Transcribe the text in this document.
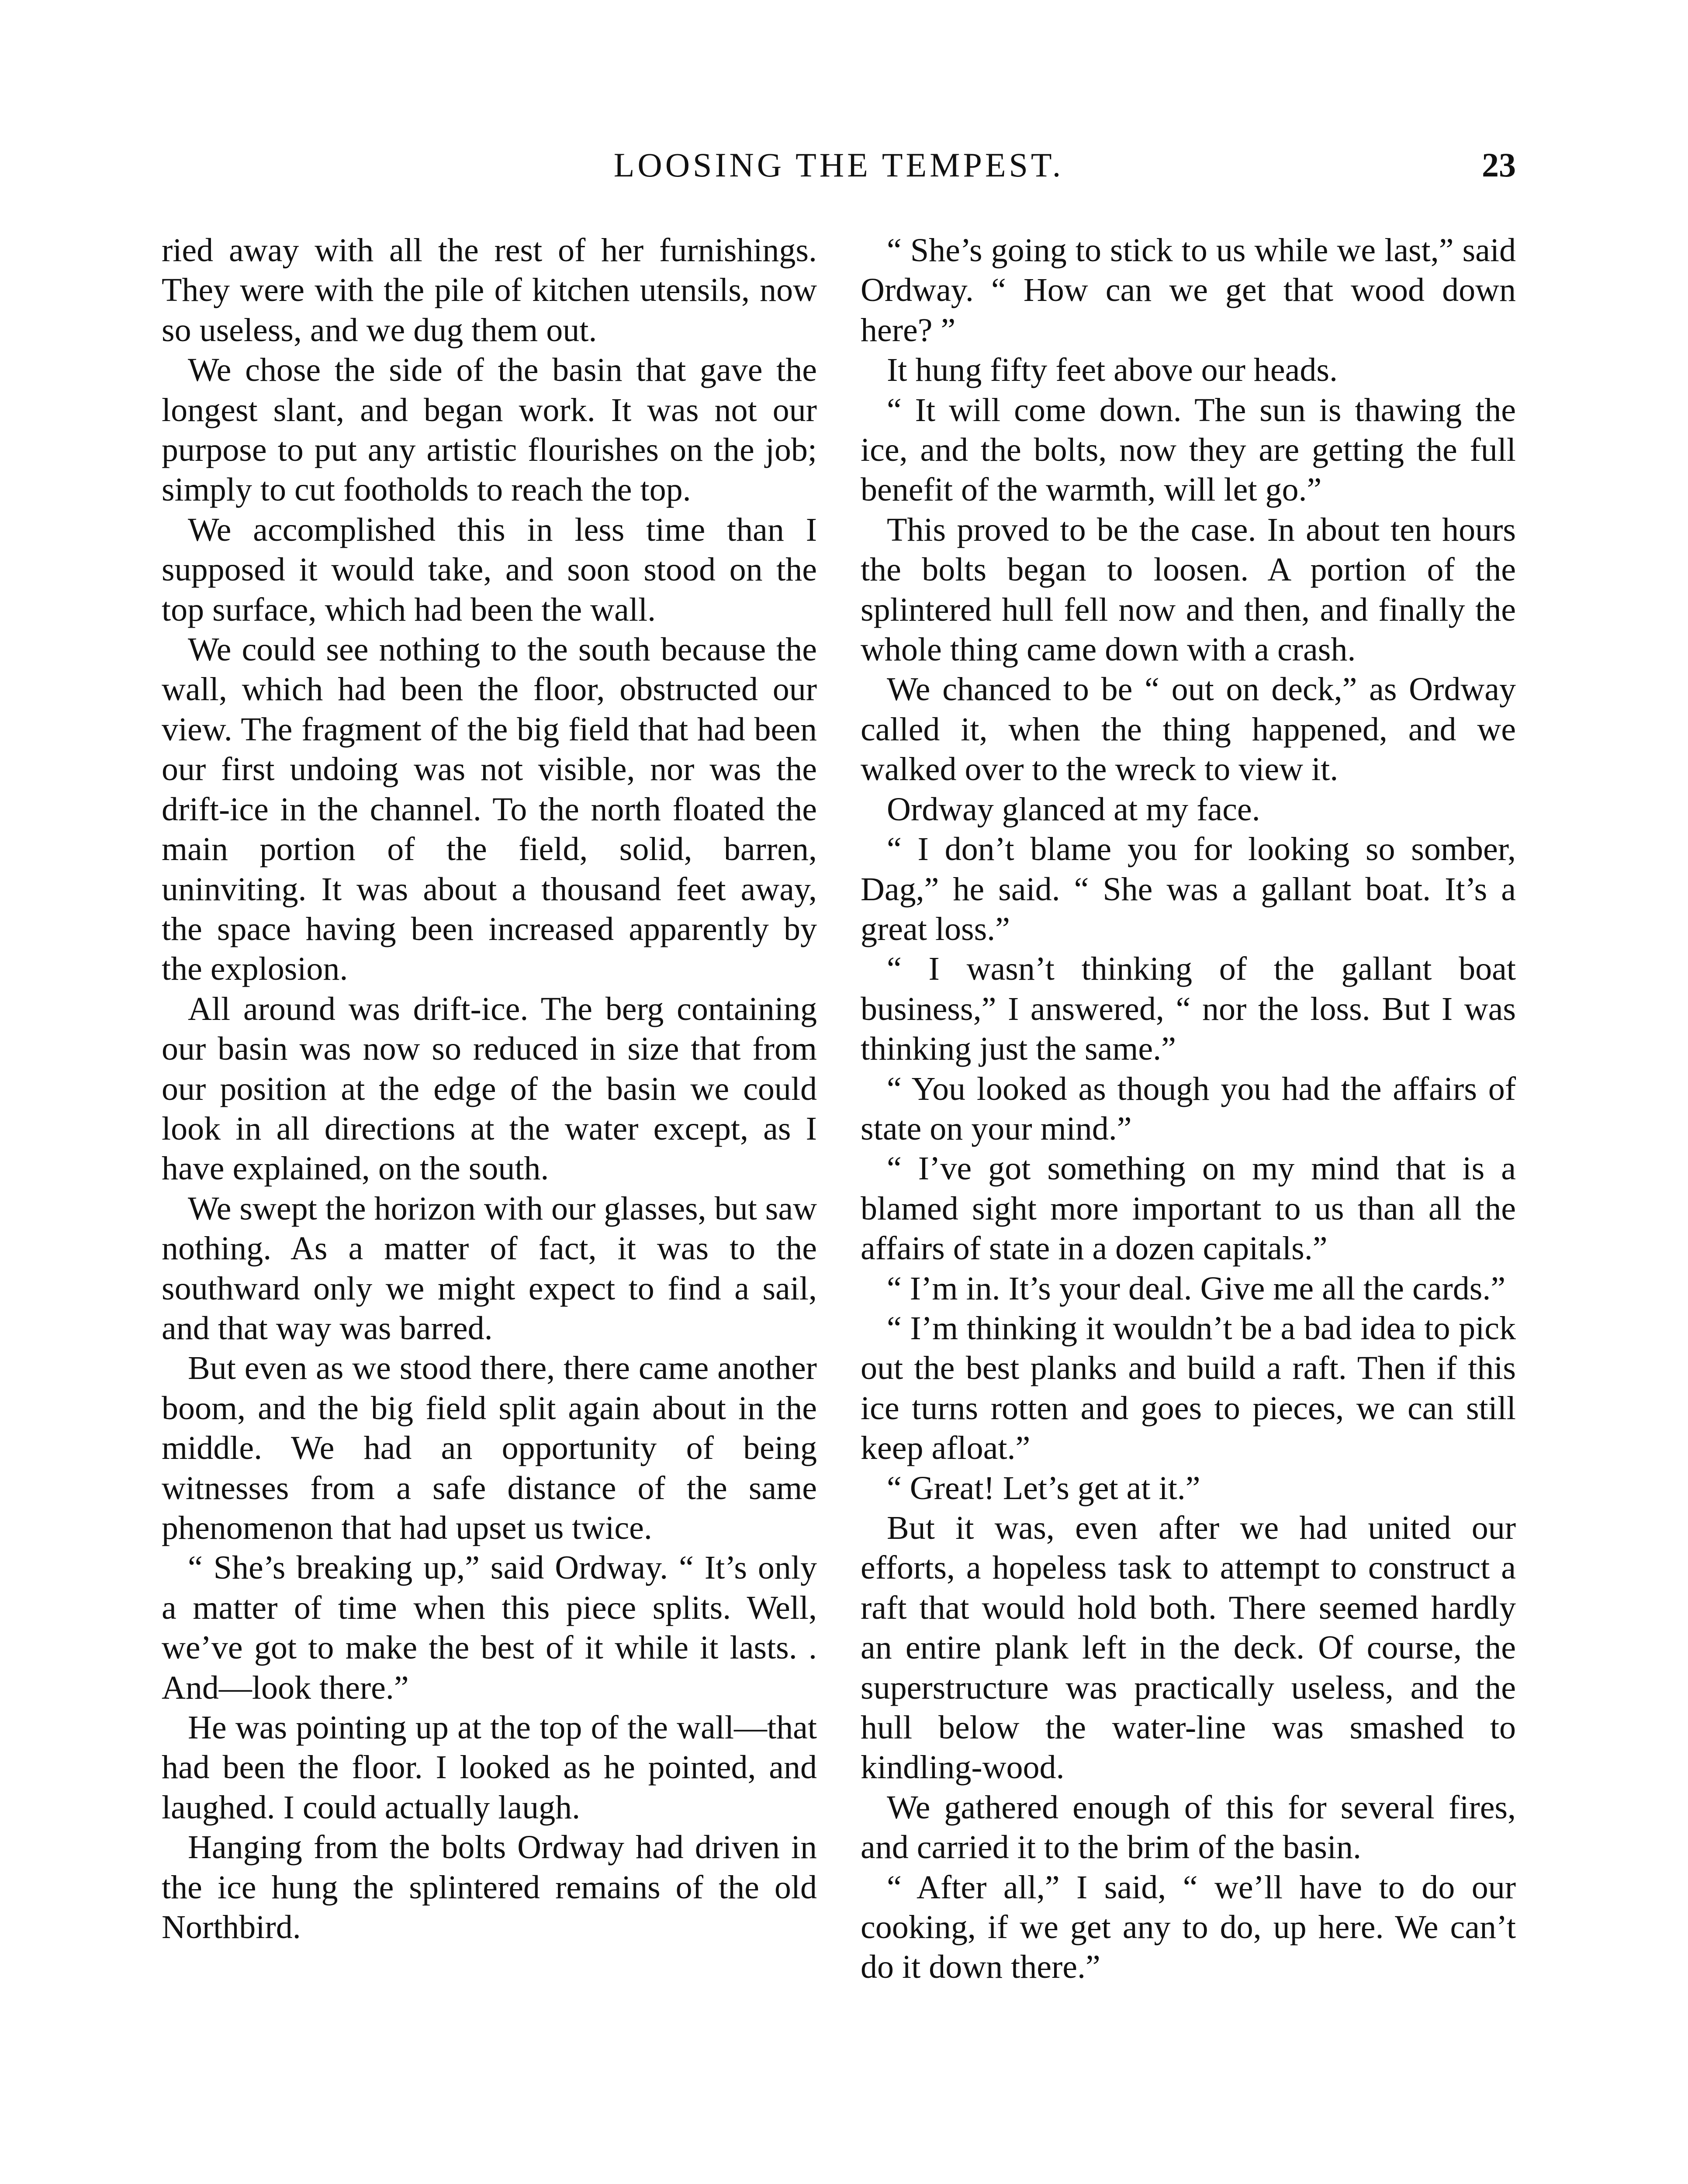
LOOSING THE TEMPEST.	23

ried away with all the rest of her furnishings. They were with the pile of kitchen utensils, now so useless, and we dug them out.

We chose the side of the basin that gave the longest slant, and began work. It was not our purpose to put any artistic flourishes on the job; simply to cut footholds to reach the top.

We accomplished this in less time than I supposed it would take, and soon stood on the top surface, which had been the wall.

We could see nothing to the south because the wall, which had been the floor, obstructed our view. The fragment of the big field that had been our first undoing was not visible, nor was the drift-ice in the channel. To the north floated the main portion of the field, solid, barren, uninviting. It was about a thousand feet away, the space having been increased apparently by the explosion.

All around was drift-ice. The berg containing our basin was now so reduced in size that from our position at the edge of the basin we could look in all directions at the water except, as I have explained, on the south.

We swept the horizon with our glasses, but saw nothing. As a matter of fact, it was to the southward only we might expect to find a sail, and that way was barred.

But even as we stood there, there came another boom, and the big field split again about in the middle. We had an opportunity of being witnesses from a safe distance of the same phenomenon that had upset us twice.

“ She’s breaking up,” said Ordway. “ It’s only a matter of time when this piece splits. Well, we’ve got to make the best of it while it lasts. . And—look there.”

He was pointing up at the top of the wall—that had been the floor. I looked as he pointed, and laughed. I could actually laugh.

Hanging from the bolts Ordway had driven in the ice hung the splintered remains of the old Northbird.

“ She’s going to stick to us while we last,” said Ordway. “ How can we get that wood down here? ”

It hung fifty feet above our heads.

“ It will come down. The sun is thawing the ice, and the bolts, now they are getting the full benefit of the warmth, will let go.”

This proved to be the case. In about ten hours the bolts began to loosen. A portion of the splintered hull fell now and then, and finally the whole thing came down with a crash.

We chanced to be “ out on deck,” as Ordway called it, when the thing happened, and we walked over to the wreck to view it.

Ordway glanced at my face.

“ I don’t blame you for looking so somber, Dag,” he said. “ She was a gallant boat. It’s a great loss.”

“ I wasn’t thinking of the gallant boat business,” I answered, “ nor the loss. But I was thinking just the same.”

“ You looked as though you had the affairs of state on your mind.”

“ I’ve got something on my mind that is a blamed sight more important to us than all the affairs of state in a dozen capitals.”

“ I’m in. It’s your deal. Give me all the cards.”

“ I’m thinking it wouldn’t be a bad idea to pick out the best planks and build a raft. Then if this ice turns rotten and goes to pieces, we can still keep afloat.”

“ Great! Let’s get at it.”

But it was, even after we had united our efforts, a hopeless task to attempt to construct a raft that would hold both. There seemed hardly an entire plank left in the deck. Of course, the superstructure was practically useless, and the hull below the water-line was smashed to kindling-wood.

We gathered enough of this for several fires, and carried it to the brim of the basin.

“ After all,” I said, “ we’ll have to do our cooking, if we get any to do, up here. We can’t do it down there.”
